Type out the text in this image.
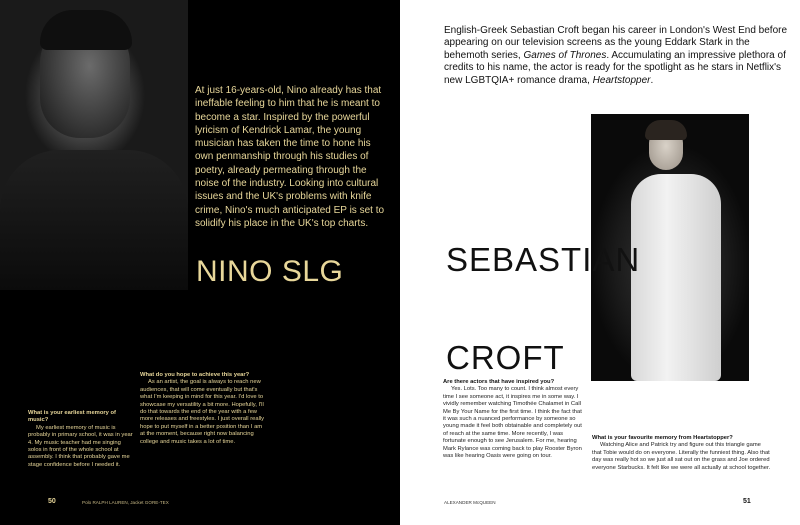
At just 16-years-old, Nino already has that ineffable feeling to him that he is meant to become a star. Inspired by the powerful lyricism of Kendrick Lamar, the young musician has taken the time to hone his own penmanship through his studies of poetry, already permeating through the noise of the industry. Looking into cultural issues and the UK's problems with knife crime, Nino's much anticipated EP is set to solidify his place in the UK's top charts.
NINO SLG
What is your earliest memory of music?

My earliest memory of music is probably in primary school, it was in year 4. My music teacher had me singing solos in front of the whole school at assembly. I think that probably gave me stage confidence before I needed it.

What do you hope to achieve this year?

As an artist, the goal is always to reach new audiences, that will come eventually but that's what I'm keeping in mind for this year. I'd love to showcase my versatility a bit more. Hopefully, I'll do that towards the end of the year with a few more releases and freestyles. I just overall really hope to put myself in a better position than I am at the moment, because right now balancing college and music takes a lot of time.

50	Polo RALPH LAUREN, Jacket GORE-TEX
English-Greek Sebastian Croft began his career in London's West End before appearing on our television screens as the young Eddark Stark in the behemoth series, Games of Thrones. Accumulating an impressive plethora of credits to his name, the actor is ready for the spotlight as he stars in Netflix's new LGBTQIA+ romance drama, Heartstopper.
SEBASTIAN
CROFT
Are there actors that have inspired you?

Yes. Lots. Too many to count. I think almost every time I see someone act, it inspires me in some way. I vividly remember watching Timothée Chalamet in Call Me By Your Name for the first time. I think the fact that it was such a nuanced performance by someone so young made it feel both obtainable and completely out of reach at the same time. More recently, I was fortunate enough to see Jerusalem. For me, hearing Mark Rylance was coming back to play Rooster Byron was like hearing Oasis were going on tour.

What is your favourite memory from Heartstopper?

Watching Alice and Patrick try and figure out this triangle game that Tobie would do on everyone. Literally the funniest thing. Also that day was really hot so we just all sat out on the grass and Joe ordered everyone Starbucks. It felt like we were all actually at school together.

ALEXANDER McQUEEN	51
